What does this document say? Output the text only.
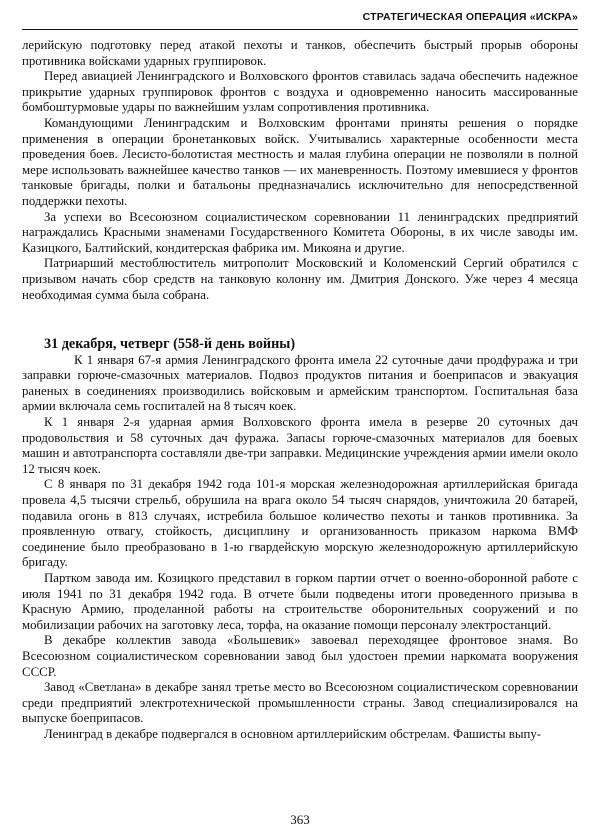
СТРАТЕГИЧЕСКАЯ ОПЕРАЦИЯ «ИСКРА»

лерийскую подготовку перед атакой пехоты и танков, обеспечить быстрый прорыв обороны противника войсками ударных группировок.

Перед авиацией Ленинградского и Волховского фронтов ставилась задача обеспечить надежное прикрытие ударных группировок фронтов с воздуха и одновременно наносить массированные бомбоштурмовые удары по важнейшим узлам сопротивления противника.

Командующими Ленинградским и Волховским фронтами приняты решения о порядке применения в операции бронетанковых войск. Учитывались характерные особенности места проведения боев. Лесисто-болотистая местность и малая глубина операции не позволяли в полной мере использовать важнейшее качество танков — их маневренность. Поэтому имевшиеся у фронтов танковые бригады, полки и батальоны предназначались исключительно для непосредственной поддержки пехоты.

За успехи во Всесоюзном социалистическом соревновании 11 ленинградских предприятий награждались Красными знаменами Государственного Комитета Обороны, в их числе заводы им. Казицкого, Балтийский, кондитерская фабрика им. Микояна и другие.

Патриарший местоблюститель митрополит Московский и Коломенский Сергий обратился с призывом начать сбор средств на танковую колонну им. Дмитрия Донского. Уже через 4 месяца необходимая сумма была собрана.

31 декабря, четверг (558-й день войны)

К 1 января 67-я армия Ленинградского фронта имела 22 суточные дачи продфуража и три заправки горюче-смазочных материалов. Подвоз продуктов питания и боеприпасов и эвакуация раненых в соединениях производились войсковым и армейским транспортом. Госпитальная база армии включала семь госпиталей на 8 тысяч коек.

К 1 января 2-я ударная армия Волховского фронта имела в резерве 20 суточных дач продовольствия и 58 суточных дач фуража. Запасы горюче-смазочных материалов для боевых машин и автотранспорта составляли две-три заправки. Медицинские учреждения армии имели около 12 тысяч коек.

С 8 января по 31 декабря 1942 года 101-я морская железнодорожная артиллерийская бригада провела 4,5 тысячи стрельб, обрушила на врага около 54 тысяч снарядов, уничтожила 20 батарей, подавила огонь в 813 случаях, истребила большое количество пехоты и танков противника. За проявленную отвагу, стойкость, дисциплину и организованность приказом наркома ВМФ соединение было преобразовано в 1-ю гвардейскую морскую железнодорожную артиллерийскую бригаду.

Партком завода им. Козицкого представил в горком партии отчет о военно-оборонной работе с июля 1941 по 31 декабря 1942 года. В отчете были подведены итоги проведенного призыва в Красную Армию, проделанной работы на строительстве оборонительных сооружений и по мобилизации рабочих на заготовку леса, торфа, на оказание помощи персоналу электростанций.

В декабре коллектив завода «Большевик» завоевал переходящее фронтовое знамя. Во Всесоюзном социалистическом соревновании завод был удостоен премии наркомата вооружения СССР.

Завод «Светлана» в декабре занял третье место во Всесоюзном социалистическом соревновании среди предприятий электротехнической промышленности страны. Завод специализировался на выпуске боеприпасов.

Ленинград в декабре подвергался в основном артиллерийским обстрелам. Фашисты выпу-

363
